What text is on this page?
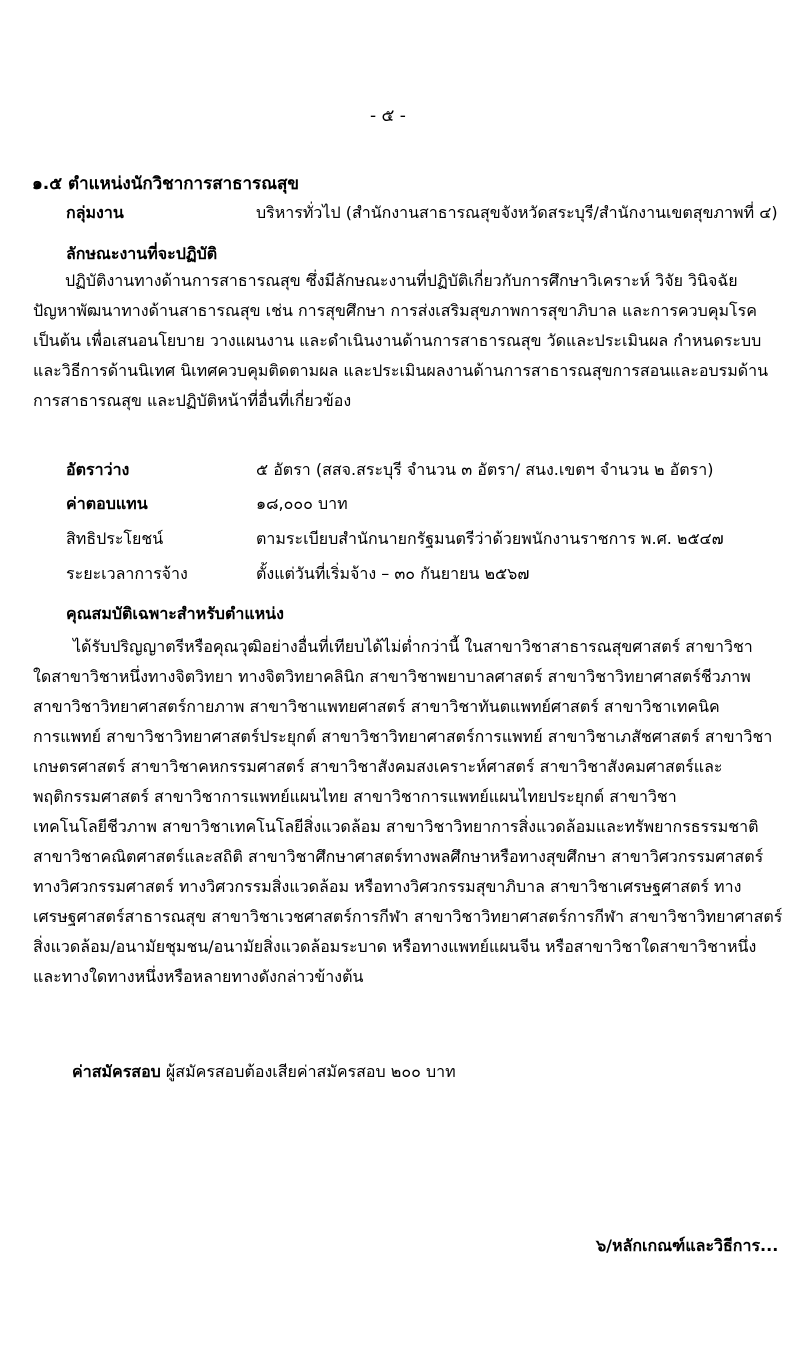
- ๕ -
๑.๕ ตำแหน่งนักวิชาการสาธารณสุข
กลุ่มงาน	บริหารทั่วไป (สำนักงานสาธารณสุขจังหวัดสระบุรี/สำนักงานเขตสุขภาพที่ ๔)
ลักษณะงานที่จะปฏิบัติ
ปฏิบัติงานทางด้านการสาธารณสุข ซึ่งมีลักษณะงานที่ปฏิบัติเกี่ยวกับการศึกษาวิเคราะห์ วิจัย วินิจฉัย
ปัญหาพัฒนาทางด้านสาธารณสุข เช่น การสุขศึกษา การส่งเสริมสุขภาพการสุขาภิบาล และการควบคุมโรค
เป็นต้น เพื่อเสนอนโยบาย วางแผนงาน และดำเนินงานด้านการสาธารณสุข วัดและประเมินผล กำหนดระบบ
และวิธีการด้านนิเทศ นิเทศควบคุมติดตามผล และประเมินผลงานด้านการสาธารณสุขการสอนและอบรมด้าน
การสาธารณสุข และปฏิบัติหน้าที่อื่นที่เกี่ยวข้อง
อัตราว่าง	๕ อัตรา (สสจ.สระบุรี จำนวน ๓ อัตรา/ สนง.เขตฯ จำนวน ๒ อัตรา)
ค่าตอบแทน	๑๘,๐๐๐ บาท
สิทธิประโยชน์	ตามระเบียบสำนักนายกรัฐมนตรีว่าด้วยพนักงานราชการ พ.ศ. ๒๕๔๗
ระยะเวลาการจ้าง	ตั้งแต่วันที่เริ่มจ้าง – ๓๐ กันยายน ๒๕๖๗
คุณสมบัติเฉพาะสำหรับตำแหน่ง
ได้รับปริญญาตรีหรือคุณวุฒิอย่างอื่นที่เทียบได้ไม่ต่ำกว่านี้ ในสาขาวิชาสาธารณสุขศาสตร์ สาขาวิชา
ใดสาขาวิชาหนึ่งทางจิตวิทยา ทางจิตวิทยาคลินิก สาขาวิชาพยาบาลศาสตร์ สาขาวิชาวิทยาศาสตร์ชีวภาพ
สาขาวิชาวิทยาศาสตร์กายภาพ สาขาวิชาแพทยศาสตร์ สาขาวิชาทันตแพทย์ศาสตร์ สาขาวิชาเทคนิค
การแพทย์ สาขาวิชาวิทยาศาสตร์ประยุกต์ สาขาวิชาวิทยาศาสตร์การแพทย์ สาขาวิชาเภสัชศาสตร์ สาขาวิชา
เกษตรศาสตร์ สาขาวิชาคหกรรมศาสตร์ สาขาวิชาสังคมสงเคราะห์ศาสตร์ สาขาวิชาสังคมศาสตร์และ
พฤติกรรมศาสตร์ สาขาวิชาการแพทย์แผนไทย สาขาวิชาการแพทย์แผนไทยประยุกต์ สาขาวิชา
เทคโนโลยีชีวภาพ สาขาวิชาเทคโนโลยีสิ่งแวดล้อม สาขาวิชาวิทยาการสิ่งแวดล้อมและทรัพยากรธรรมชาติ
สาขาวิชาคณิตศาสตร์และสถิติ สาขาวิชาศึกษาศาสตร์ทางพลศึกษาหรือทางสุขศึกษา สาขาวิศวกรรมศาสตร์
ทางวิศวกรรมศาสตร์ ทางวิศวกรรมสิ่งแวดล้อม หรือทางวิศวกรรมสุขาภิบาล สาขาวิชาเศรษฐศาสตร์ ทาง
เศรษฐศาสตร์สาธารณสุข สาขาวิชาเวชศาสตร์การกีฬา สาขาวิชาวิทยาศาสตร์การกีฬา สาขาวิชาวิทยาศาสตร์
สิ่งแวดล้อม/อนามัยชุมชน/อนามัยสิ่งแวดล้อมระบาด หรือทางแพทย์แผนจีน หรือสาขาวิชาใดสาขาวิชาหนึ่ง
และทางใดทางหนึ่งหรือหลายทางดังกล่าวข้างต้น
ค่าสมัครสอบ ผู้สมัครสอบต้องเสียค่าสมัครสอบ ๒๐๐ บาท
๖/หลักเกณฑ์และวิธีการ...
